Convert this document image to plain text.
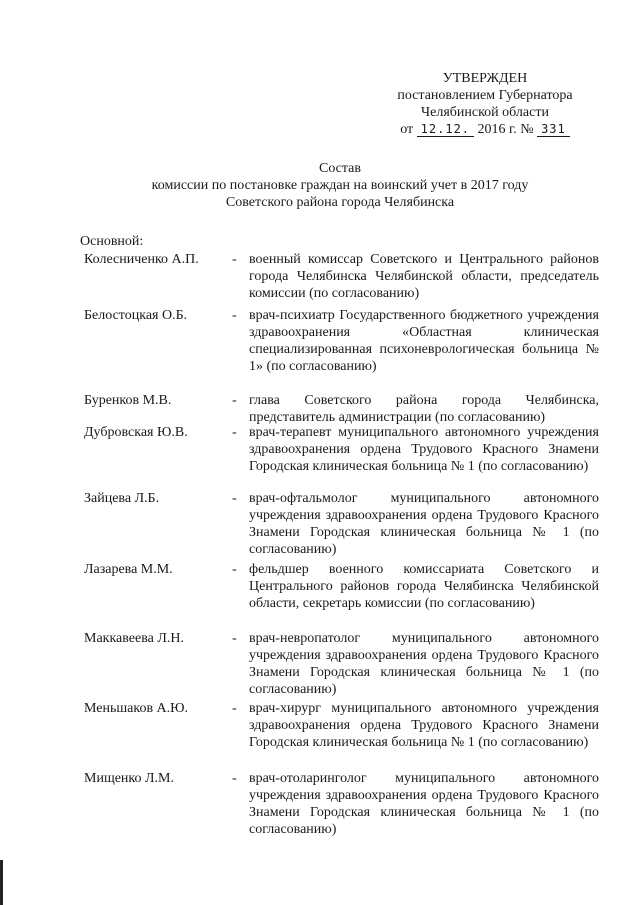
УТВЕРЖДЕН
постановлением Губернатора
Челябинской области
от 12.12. 2016 г. № 331
Состав
комиссии по постановке граждан на воинский учет в 2017 году
Советского района города Челябинска
Основной:
Колесниченко А.П.	- военный комиссар Советского и Центрального районов города Челябинска Челябинской области, председатель комиссии (по согласованию)
Белостоцкая О.Б.	- врач-психиатр Государственного бюджетного учреждения здравоохранения «Областная клиническая специализированная психоневрологическая больница № 1» (по согласованию)
Буренков М.В.	- глава Советского района города Челябинска, представитель администрации (по согласованию)
Дубровская Ю.В.	- врач-терапевт муниципального автономного учреждения здравоохранения ордена Трудового Красного Знамени Городская клиническая больница № 1 (по согласованию)
Зайцева Л.Б.	- врач-офтальмолог муниципального автономного учреждения здравоохранения ордена Трудового Красного Знамени Городская клиническая больница № 1 (по согласованию)
Лазарева М.М.	- фельдшер военного комиссариата Советского и Центрального районов города Челябинска Челябинской области, секретарь комиссии (по согласованию)
Маккавеева Л.Н.	- врач-невропатолог муниципального автономного учреждения здравоохранения ордена Трудового Красного Знамени Городская клиническая больница № 1 (по согласованию)
Меньшаков А.Ю.	- врач-хирург муниципального автономного учреждения здравоохранения ордена Трудового Красного Знамени Городская клиническая больница № 1 (по согласованию)
Мищенко Л.М.	- врач-отоларинголог муниципального автономного учреждения здравоохранения ордена Трудового Красного Знамени Городская клиническая больница № 1 (по согласованию)
